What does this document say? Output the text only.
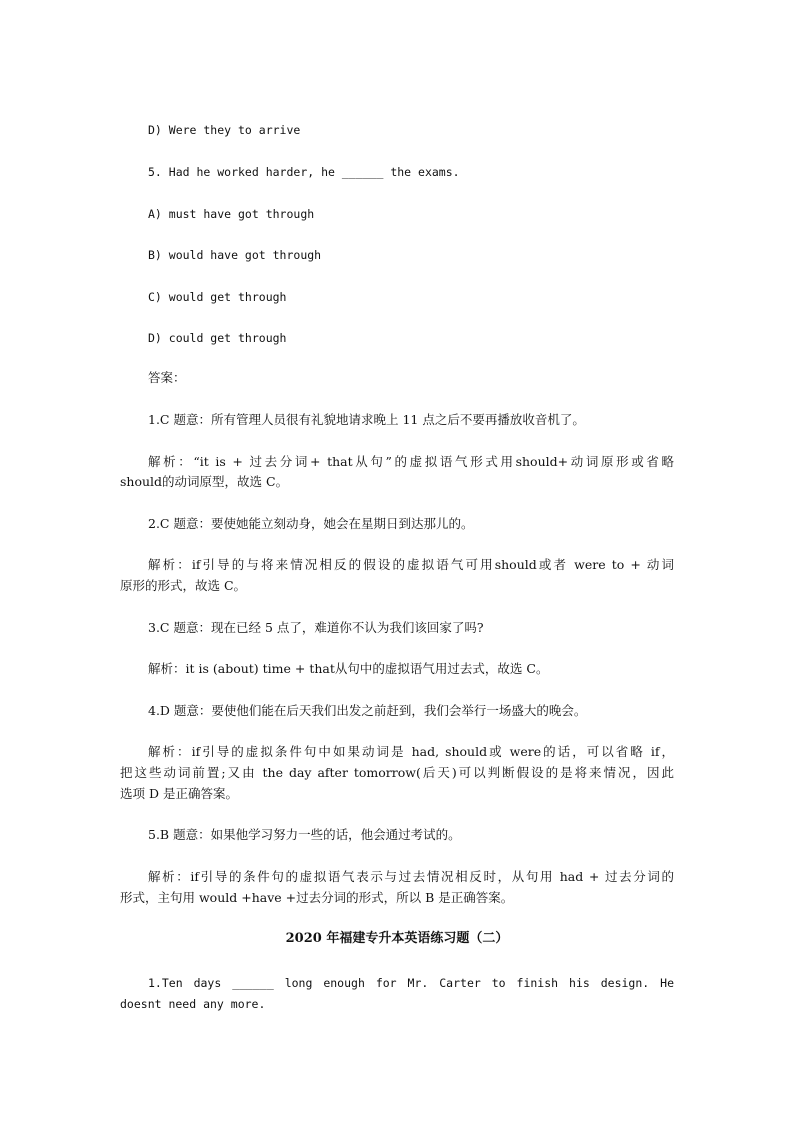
D) Were they to arrive
5. Had he worked harder, he ______ the exams.
A) must have got through
B) would have got through
C) would get through
D) could get through
答案：
1.C 题意：所有管理人员很有礼貌地请求晚上 11 点之后不要再播放收音机了。
解析：“it is + 过去分词+ that从句”的虚拟语气形式用should+动词原形或省略
should的动词原型，故选 C。
2.C 题意：要使她能立刻动身，她会在星期日到达那儿的。
解析：if引导的与将来情况相反的假设的虚拟语气可用should或者 were to + 动词
原形的形式，故选 C。
3.C 题意：现在已经 5 点了，难道你不认为我们该回家了吗?
解析：it is (about) time + that从句中的虚拟语气用过去式，故选 C。
4.D 题意：要使他们能在后天我们出发之前赶到，我们会举行一场盛大的晚会。
解析：if引导的虚拟条件句中如果动词是 had, should或 were的话，可以省略 if，
把这些动词前置;又由 the day after tomorrow(后天)可以判断假设的是将来情况，因此
选项 D 是正确答案。
5.B 题意：如果他学习努力一些的话，他会通过考试的。
解析：if引导的条件句的虚拟语气表示与过去情况相反时，从句用 had + 过去分词的
形式，主句用 would +have +过去分词的形式，所以 B 是正确答案。
2020 年福建专升本英语练习题（二）
1.Ten days ______ long enough for Mr. Carter to finish his design. He
doesnt need any more.
